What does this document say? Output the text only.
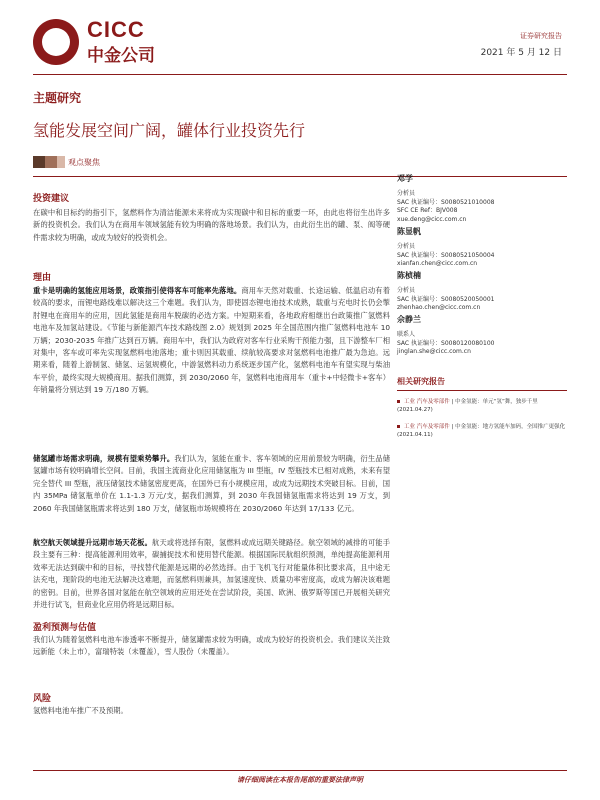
CICC
中金公司
证券研究报告
2021 年 5 月 12 日
主题研究
氢能发展空间广阔，罐体行业投资先行
观点聚焦
投资建议
在碳中和目标约的指引下，氢燃料作为清洁能源未来将成为实现碳中和目标的重要一环，由此也将衍生出许多新的投资机会。我们认为在商用车领域氢能有较为明确的落地场景。我们认为，由此衍生出的罐、泵、阀等硬件需求较为明确，或成为较好的投资机会。
理由
重卡是明确的氢能应用场景，政策指引使得客车可能率先落地。商用车天然对载重、长途运输、低温启动有着较高的要求，而锂电路线难以解决这三个难题。我们认为，即使固态锂电池技术成熟，载重与充电时长仍会掣肘锂电在商用车的应用，因此氢能是商用车脱碳的必选方案。中短期来看，各地政府相继出台政策推广氢燃料电池车及加氢站建设。《节能与新能源汽车技术路线图 2.0》规划到 2025 年全国范围内推广氢燃料电池车 10 万辆；2030-2035 年推广达到百万辆。商用车中，我们认为政府对客车行业采购干预能力强，且下游整车厂相对集中，客车或可率先实现氢燃料电池落地；重卡则因其载重、续航较高要求对氢燃料电池推广最为急迫。远期来看，随着上游制氢、储氢、运氢规模化，中游氢燃料动力系统逐步国产化，氢燃料电池车有望实现与柴油车平价，最终实现大规模商用。据我们测算，到 2030/2060 年，氢燃料电池商用车（重卡+中轻微卡+客车）年销量将分别达到 19 万/180 万辆。
储氢罐市场需求明确，规模有望乘势攀升。我们认为，氢能在重卡、客车领域的应用前景较为明确，衍生品储氢罐市场有较明确增长空间。目前，我国主流商业化应用储氢瓶为 III 型瓶，IV 型瓶技术已相对成熟，未来有望完全替代 III 型瓶，液压储氢技术储氢密度更高，在国外已有小规模应用，或成为远期技术突破目标。目前，国内 35MPa 储氢瓶单价在 1.1-1.3 万元/支，据我们测算，到 2030 年我国储氢瓶需求将达到 19 万支，到 2060 年我国储氢瓶需求将达到 180 万支，储氢瓶市场规模将在 2030/2060 年达到 17/133 亿元。
航空航天领域提升远期市场天花板。航天或将选择有限，氢燃料或成远期关键路径。航空领域的减排的可能手段主要有三种：提高能源利用效率，碳捕捉技术和使用替代能源。根据国际民航组织预测，单纯提高能源利用效率无法达到碳中和的目标，寻找替代能源是远期的必然选择。由于飞机飞行对能量体积比要求高，且中途无法充电，现阶段的电池无法解决这难题，而氢燃料则兼具，加氢速度快、质量功率密度高，或成为解决该难题的密钥。目前，世界各国对氢能在航空领域的应用还处在尝试阶段，美国、欧洲、俄罗斯等国已开展相关研究并进行试飞，但商业化应用仍将是远期目标。
盈利预测与估值
我们认为随着氢燃料电池车渗透率不断提升，储氢罐需求较为明确，或成为较好的投资机会。我们建议关注致远新能（未上市），富瑞特装（未覆盖），雪人股份（未覆盖）。
风险
氢燃料电池车推广不及预期。
邓学
分析员
SAC 执证编号：S0080521010008
SFC CE Ref：BJV008
xue.deng@cicc.com.cn
陈显帆
分析员
SAC 执证编号：S0080521050004
xianfan.chen@cicc.com.cn
陈桢楠
分析员
SAC 执证编号：S0080520050001
zhenhao.chen@cicc.com.cn
佘静兰
联系人
SAC 执证编号：S0080120080100
jinglan.she@cicc.com.cn
相关研究报告
工业 汽车及零部件 | 中金氢能：单元“氢”舞，独步千里 (2021.04.27)
工业 汽车及零部件 | 中金氢能：地方氢能车加码，全国推广更强化 (2021.04.11)
请仔细阅读在本报告尾部的重要法律声明
